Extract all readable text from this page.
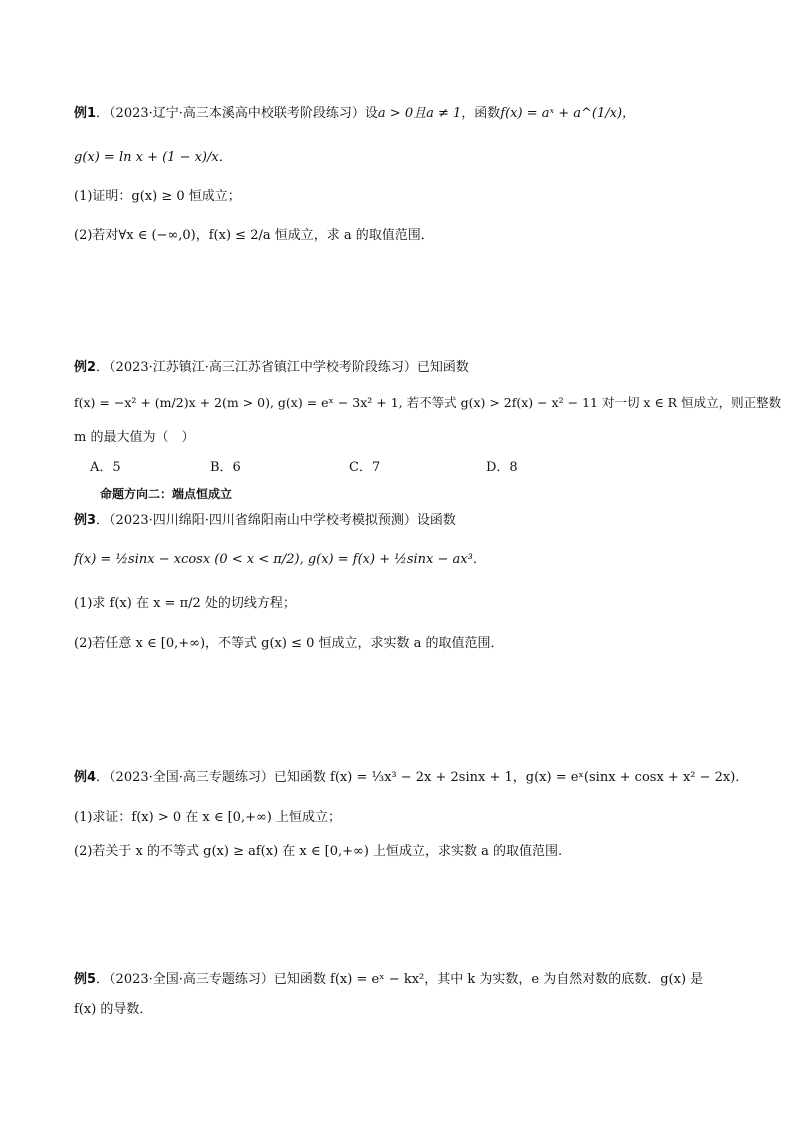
例1．（2023·辽宁·高三本溪高中校联考阶段练习）设a > 0且a ≠ 1，函数f(x) = aˣ + a^(1/x)，
g(x) = ln x + (1 − x)/x．
(1)证明：g(x) ≥ 0 恒成立；
(2)若对∀x ∈ (−∞,0)，f(x) ≤ 2/a 恒成立，求 a 的取值范围．
例2．（2023·江苏镇江·高三江苏省镇江中学校考阶段练习）已知函数
f(x) = −x² + (m/2)x + 2(m > 0), g(x) = eˣ − 3x² + 1, 若不等式 g(x) > 2f(x) − x² − 11 对一切 x ∈ R 恒成立，则正整数
m 的最大值为（　）
A．5	B．6	C．7	D．8
命题方向二：端点恒成立
例3．（2023·四川绵阳·四川省绵阳南山中学校考模拟预测）设函数
f(x) = ½sinx − xcosx (0 < x < π/2), g(x) = f(x) + ½sinx − ax³．
(1)求 f(x) 在 x = π/2 处的切线方程；
(2)若任意 x ∈ [0,+∞)，不等式 g(x) ≤ 0 恒成立，求实数 a 的取值范围．
例4．（2023·全国·高三专题练习）已知函数 f(x) = ⅓x³ − 2x + 2sinx + 1，g(x) = eˣ(sinx + cosx + x² − 2x)．
(1)求证：f(x) > 0 在 x ∈ [0,+∞) 上恒成立；
(2)若关于 x 的不等式 g(x) ≥ af(x) 在 x ∈ [0,+∞) 上恒成立，求实数 a 的取值范围.
例5．（2023·全国·高三专题练习）已知函数 f(x) = eˣ − kx²，其中 k 为实数，e 为自然对数的底数．g(x) 是
f(x) 的导数．
